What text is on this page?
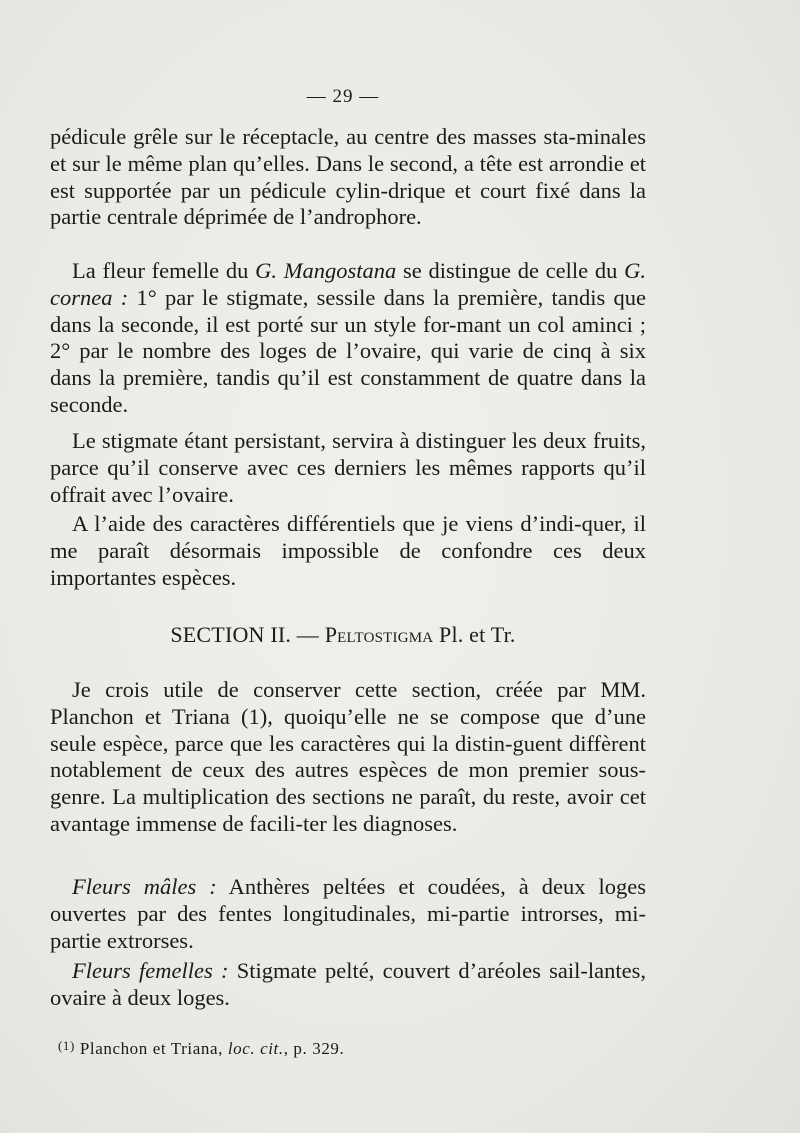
— 29 —

pédicule grêle sur le réceptacle, au centre des masses sta-minales et sur le même plan qu’elles. Dans le second, a tête est arrondie et est supportée par un pédicule cylin-drique et court fixé dans la partie centrale déprimée de l’androphore.

La fleur femelle du G. Mangostana se distingue de celle du G. cornea : 1° par le stigmate, sessile dans la première, tandis que dans la seconde, il est porté sur un style for-mant un col aminci ; 2° par le nombre des loges de l’ovaire, qui varie de cinq à six dans la première, tandis qu’il est constamment de quatre dans la seconde.

Le stigmate étant persistant, servira à distinguer les deux fruits, parce qu’il conserve avec ces derniers les mêmes rapports qu’il offrait avec l’ovaire.

A l’aide des caractères différentiels que je viens d’indi-quer, il me paraît désormais impossible de confondre ces deux importantes espèces.

SECTION II. — Peltostigma Pl. et Tr.

Je crois utile de conserver cette section, créée par MM. Planchon et Triana (1), quoiqu’elle ne se compose que d’une seule espèce, parce que les caractères qui la distin-guent diffèrent notablement de ceux des autres espèces de mon premier sous-genre. La multiplication des sections ne paraît, du reste, avoir cet avantage immense de facili-ter les diagnoses.

Fleurs mâles : Anthères peltées et coudées, à deux loges ouvertes par des fentes longitudinales, mi-partie introrses, mi-partie extrorses.

Fleurs femelles : Stigmate pelté, couvert d’aréoles sail-lantes, ovaire à deux loges.

$^{(1)}$ Planchon et Triana, loc. cit., p. 329.
